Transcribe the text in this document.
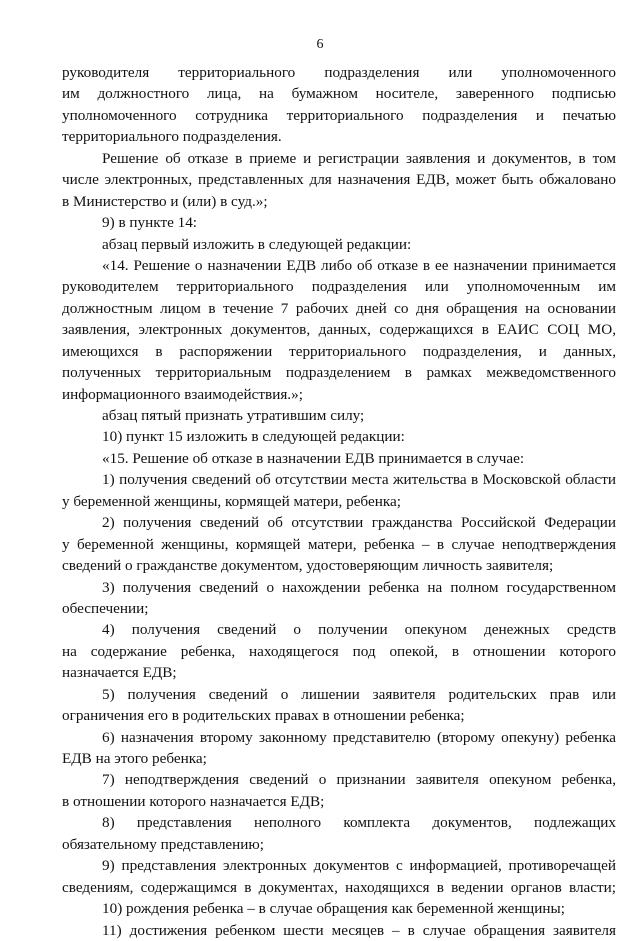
6
руководителя территориального подразделения или уполномоченного
им должностного лица, на бумажном носителе, заверенного подписью
уполномоченного сотрудника территориального подразделения и печатью
территориального подразделения.
Решение об отказе в приеме и регистрации заявления и документов, в том
числе электронных, представленных для назначения ЕДВ, может быть обжаловано
в Министерство и (или) в суд.»;
9) в пункте 14:
абзац первый изложить в следующей редакции:
«14. Решение о назначении ЕДВ либо об отказе в ее назначении принимается
руководителем территориального подразделения или уполномоченным им
должностным лицом в течение 7 рабочих дней со дня обращения на основании
заявления, электронных документов, данных, содержащихся в ЕАИС СОЦ МО,
имеющихся в распоряжении территориального подразделения, и данных,
полученных территориальным подразделением в рамках межведомственного
информационного взаимодействия.»;
абзац пятый признать утратившим силу;
10) пункт 15 изложить в следующей редакции:
«15. Решение об отказе в назначении ЕДВ принимается в случае:
1) получения сведений об отсутствии места жительства в Московской области
у беременной женщины, кормящей матери, ребенка;
2) получения сведений об отсутствии гражданства Российской Федерации
у беременной женщины, кормящей матери, ребенка – в случае неподтверждения
сведений о гражданстве документом, удостоверяющим личность заявителя;
3) получения сведений о нахождении ребенка на полном государственном
обеспечении;
4) получения сведений о получении опекуном денежных средств
на содержание ребенка, находящегося под опекой, в отношении которого
назначается ЕДВ;
5) получения сведений о лишении заявителя родительских прав или
ограничения его в родительских правах в отношении ребенка;
6) назначения второму законному представителю (второму опекуну) ребенка
ЕДВ на этого ребенка;
7) неподтверждения сведений о признании заявителя опекуном ребенка,
в отношении которого назначается ЕДВ;
8) представления неполного комплекта документов, подлежащих
обязательному представлению;
9) представления электронных документов с информацией, противоречащей
сведениям, содержащимся в документах, находящихся в ведении органов власти;
10) рождения ребенка – в случае обращения как беременной женщины;
11) достижения ребенком шести месяцев – в случае обращения заявителя
